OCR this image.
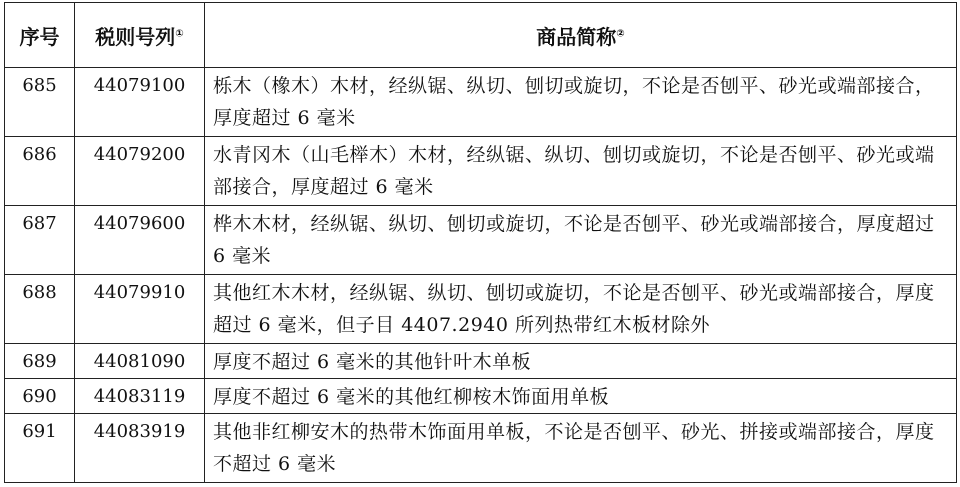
序号	税则号列①	商品简称②
685	44079100	栎木（橡木）木材，经纵锯、纵切、刨切或旋切，不论是否刨平、砂光或端部接合，厚度超过 6 毫米
686	44079200	水青冈木（山毛榉木）木材，经纵锯、纵切、刨切或旋切，不论是否刨平、砂光或端部接合，厚度超过 6 毫米
687	44079600	桦木木材，经纵锯、纵切、刨切或旋切，不论是否刨平、砂光或端部接合，厚度超过 6 毫米
688	44079910	其他红木木材，经纵锯、纵切、刨切或旋切，不论是否刨平、砂光或端部接合，厚度超过 6 毫米，但子目 4407.2940 所列热带红木板材除外
689	44081090	厚度不超过 6 毫米的其他针叶木单板
690	44083119	厚度不超过 6 毫米的其他红柳桉木饰面用单板
691	44083919	其他非红柳安木的热带木饰面用单板，不论是否刨平、砂光、拼接或端部接合，厚度不超过 6 毫米
